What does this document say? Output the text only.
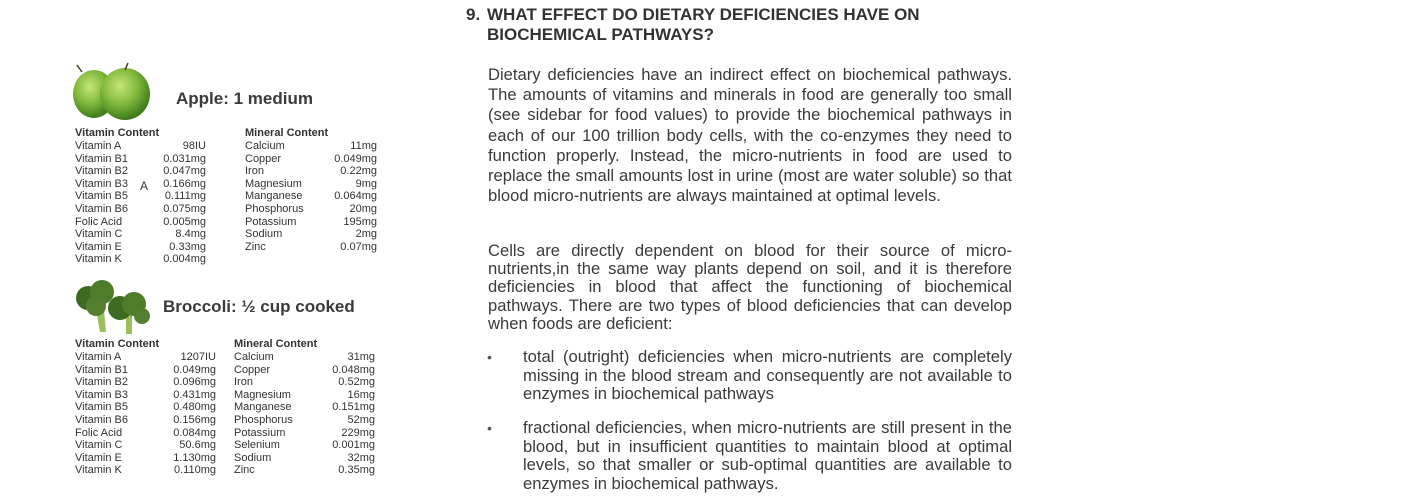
Apple: 1 medium
Vitamin Content
Vitamin A	98IU
Vitamin B1	0.031mg
Vitamin B2	0.047mg
Vitamin B3	0.166mg
Vitamin B5	0.111mg
Vitamin B6	0.075mg
Folic Acid	0.005mg
Vitamin C	8.4mg
Vitamin E	0.33mg
Vitamin K	0.004mg
A
Mineral Content
Calcium	11mg
Copper	0.049mg
Iron	0.22mg
Magnesium	9mg
Manganese	0.064mg
Phosphorus	20mg
Potassium	195mg
Sodium	2mg
Zinc	0.07mg
Broccoli: ½ cup cooked
Vitamin Content
Vitamin A	1207IU
Vitamin B1	0.049mg
Vitamin B2	0.096mg
Vitamin B3	0.431mg
Vitamin B5	0.480mg
Vitamin B6	0.156mg
Folic Acid	0.084mg
Vitamin C	50.6mg
Vitamin E	1.130mg
Vitamin K	0.110mg
Mineral Content
Calcium	31mg
Copper	0.048mg
Iron	0.52mg
Magnesium	16mg
Manganese	0.151mg
Phosphorus	52mg
Potassium	229mg
Selenium	0.001mg
Sodium	32mg
Zinc	0.35mg
9. WHAT EFFECT DO DIETARY DEFICIENCIES HAVE ON
BIOCHEMICAL PATHWAYS?

Dietary deficiencies have an indirect effect on biochemical pathways. The amounts of vitamins and minerals in food are generally too small (see sidebar for food values) to provide the biochemical pathways in each of our 100 trillion body cells, with the co-enzymes they need to function properly. Instead, the micro-nutrients in food are used to replace the small amounts lost in urine (most are water soluble) so that blood micro-nutrients are always maintained at optimal levels.

Cells are directly dependent on blood for their source of micro-nutrients,in the same way plants depend on soil, and it is therefore deficiencies in blood that affect the functioning of biochemical pathways. There are two types of blood deficiencies that can develop when foods are deficient:

• total (outright) deficiencies when micro-nutrients are completely missing in the blood stream and consequently are not available to enzymes in biochemical pathways

• fractional deficiencies, when micro-nutrients are still present in the blood, but in insufficient quantities to maintain blood at optimal levels, so that smaller or sub-optimal quantities are available to enzymes in biochemical pathways.
